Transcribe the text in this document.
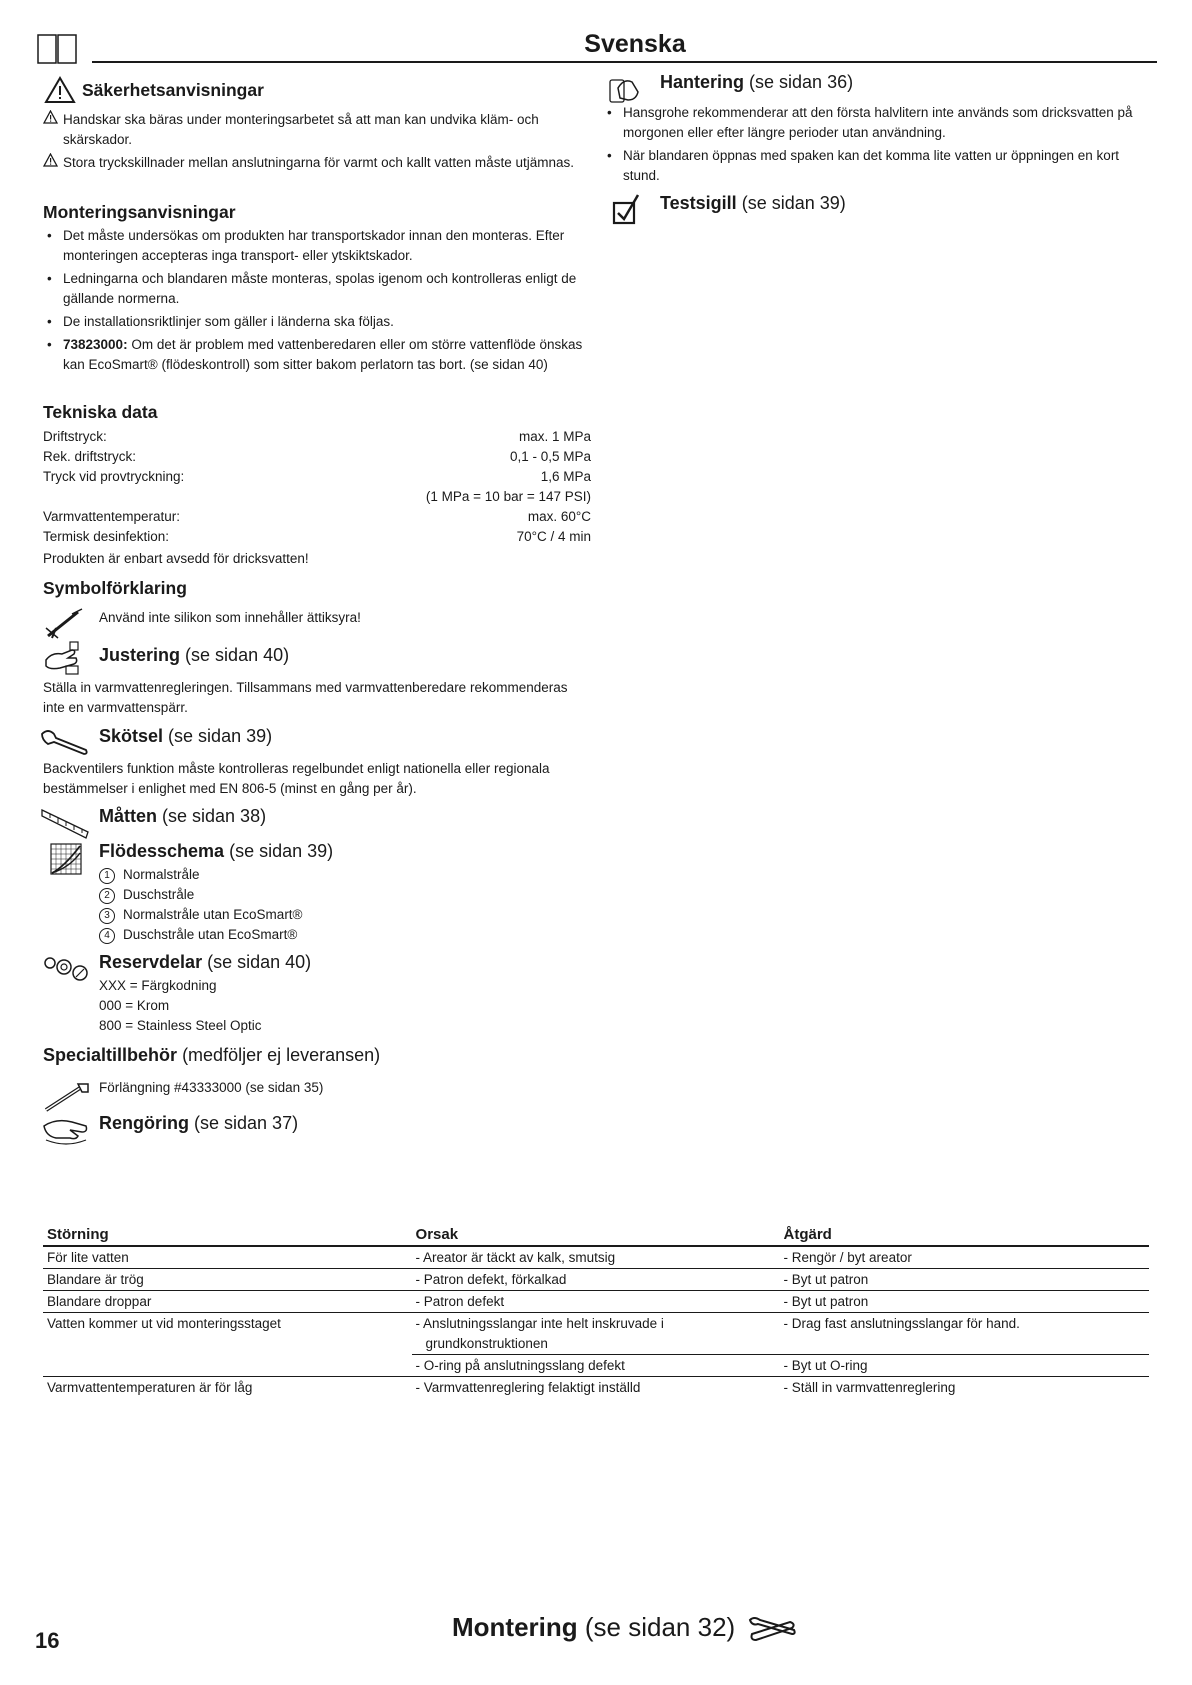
Svenska
Säkerhetsanvisningar
Handskar ska bäras under monteringsarbetet så att man kan undvika kläm- och skärskador.
Stora tryckskillnader mellan anslutningarna för varmt och kallt vatten måste utjämnas.
Monteringsanvisningar
• Det måste undersökas om produkten har transportskador innan den monteras. Efter monteringen accepteras inga transport- eller ytskiktskador.
• Ledningarna och blandaren måste monteras, spolas igenom och kontrolleras enligt de gällande normerna.
• De installationsriktlinjer som gäller i länderna ska följas.
• 73823000: Om det är problem med vattenberedaren eller om större vattenflöde önskas kan EcoSmart® (flödeskontroll) som sitter bakom perlatorn tas bort. (se sidan 40)
Tekniska data
Driftstryck:	max. 1 MPa
Rek. driftstryck:	0,1 - 0,5 MPa
Tryck vid provtryckning:	1,6 MPa
(1 MPa = 10 bar = 147 PSI)
Varmvattentemperatur:	max. 60°C
Termisk desinfektion:	70°C / 4 min
Produkten är enbart avsedd för dricksvatten!
Symbolförklaring
Använd inte silikon som innehåller ättiksyra!
Justering (se sidan 40)
Ställa in varmvattenregleringen. Tillsammans med varmvattenberedare rekommenderas inte en varmvattenspärr.
Skötsel (se sidan 39)
Backventilers funktion måste kontrolleras regelbundet enligt nationella eller regionala bestämmelser i enlighet med EN 806-5 (minst en gång per år).
Måtten (se sidan 38)
Flödesschema (se sidan 39)
1 Normalstråle
2 Duschstråle
3 Normalstråle utan EcoSmart®
4 Duschstråle utan EcoSmart®
Reservdelar (se sidan 40)
XXX = Färgkodning
000 = Krom
800 = Stainless Steel Optic
Specialtillbehör (medföljer ej leveransen)
Förlängning #43333000 (se sidan 35)
Rengöring (se sidan 37)
Hantering (se sidan 36)
• Hansgrohe rekommenderar att den första halvlitern inte används som dricksvatten på morgonen eller efter längre perioder utan användning.
• När blandaren öppnas med spaken kan det komma lite vatten ur öppningen en kort stund.
Testsigill (se sidan 39)
Störning	Orsak	Åtgärd
För lite vatten	- Areator är täckt av kalk, smutsig	- Rengör / byt areator
Blandare är trög	- Patron defekt, förkalkad	- Byt ut patron
Blandare droppar	- Patron defekt	- Byt ut patron
Vatten kommer ut vid monteringsstaget	- Anslutningsslangar inte helt inskruvade i grundkonstruktionen	- Drag fast anslutningsslangar för hand.
	- O-ring på anslutningsslang defekt	- Byt ut O-ring
Varmvattentemperaturen är för låg	- Varmvattenreglering felaktigt inställd	- Ställ in varmvattenreglering
16	Montering (se sidan 32)
